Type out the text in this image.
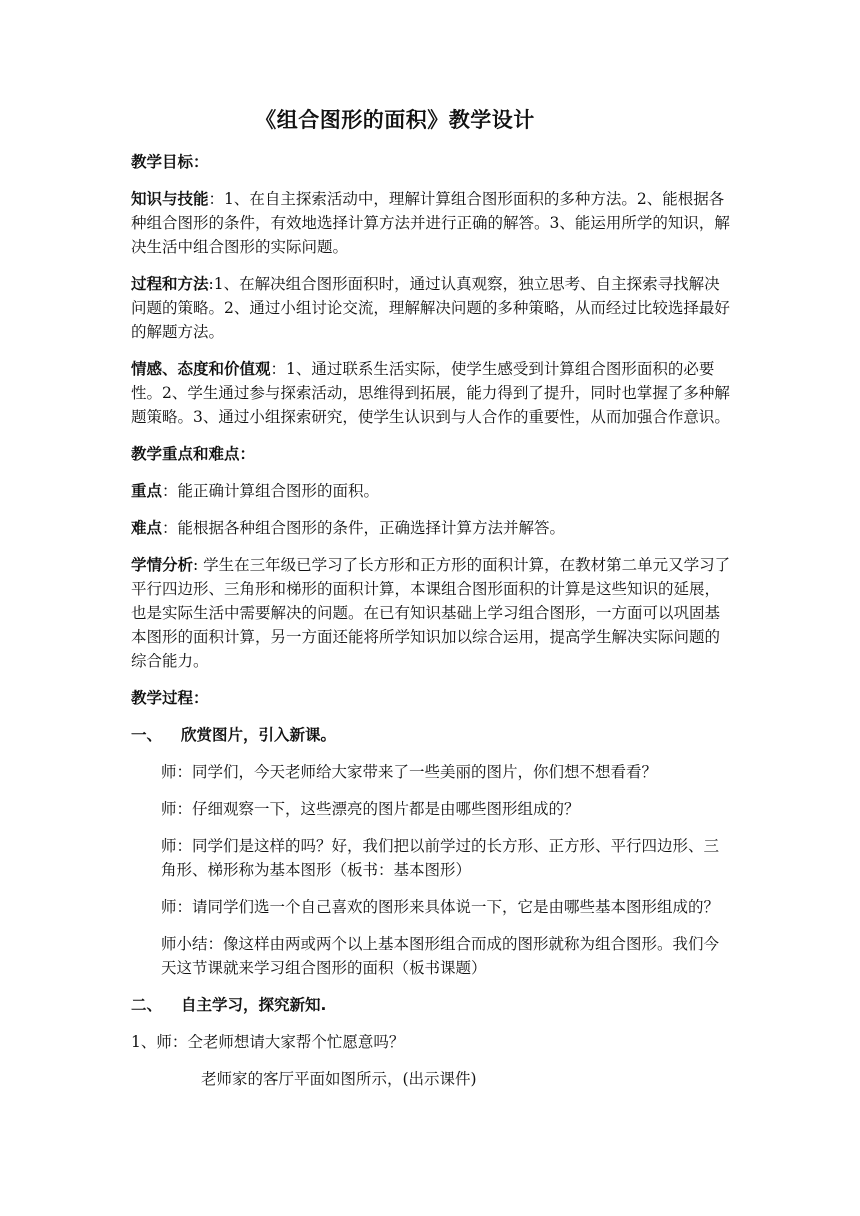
《组合图形的面积》教学设计

教学目标：

知识与技能：1、在自主探索活动中，理解计算组合图形面积的多种方法。2、能根据各种组合图形的条件，有效地选择计算方法并进行正确的解答。3、能运用所学的知识，解决生活中组合图形的实际问题。

过程和方法:1、在解决组合图形面积时，通过认真观察，独立思考、自主探索寻找解决问题的策略。2、通过小组讨论交流，理解解决问题的多种策略，从而经过比较选择最好的解题方法。

情感、态度和价值观：1、通过联系生活实际，使学生感受到计算组合图形面积的必要性。2、学生通过参与探索活动，思维得到拓展，能力得到了提升，同时也掌握了多种解题策略。3、通过小组探索研究，使学生认识到与人合作的重要性，从而加强合作意识。

教学重点和难点：

重点：能正确计算组合图形的面积。

难点：能根据各种组合图形的条件，正确选择计算方法并解答。

学情分析: 学生在三年级已学习了长方形和正方形的面积计算，在教材第二单元又学习了平行四边形、三角形和梯形的面积计算，本课组合图形面积的计算是这些知识的延展，也是实际生活中需要解决的问题。在已有知识基础上学习组合图形，一方面可以巩固基本图形的面积计算，另一方面还能将所学知识加以综合运用，提高学生解决实际问题的综合能力。

教学过程：

一、 欣赏图片，引入新课。

师：同学们，今天老师给大家带来了一些美丽的图片，你们想不想看看？

师：仔细观察一下，这些漂亮的图片都是由哪些图形组成的？

师：同学们是这样的吗？好，我们把以前学过的长方形、正方形、平行四边形、三角形、梯形称为基本图形（板书：基本图形）

师：请同学们选一个自己喜欢的图形来具体说一下，它是由哪些基本图形组成的？

师小结：像这样由两或两个以上基本图形组合而成的图形就称为组合图形。我们今天这节课就来学习组合图形的面积（板书课题）

二、 自主学习，探究新知.

1、师：仝老师想请大家帮个忙愿意吗？

老师家的客厅平面如图所示，(出示课件)
